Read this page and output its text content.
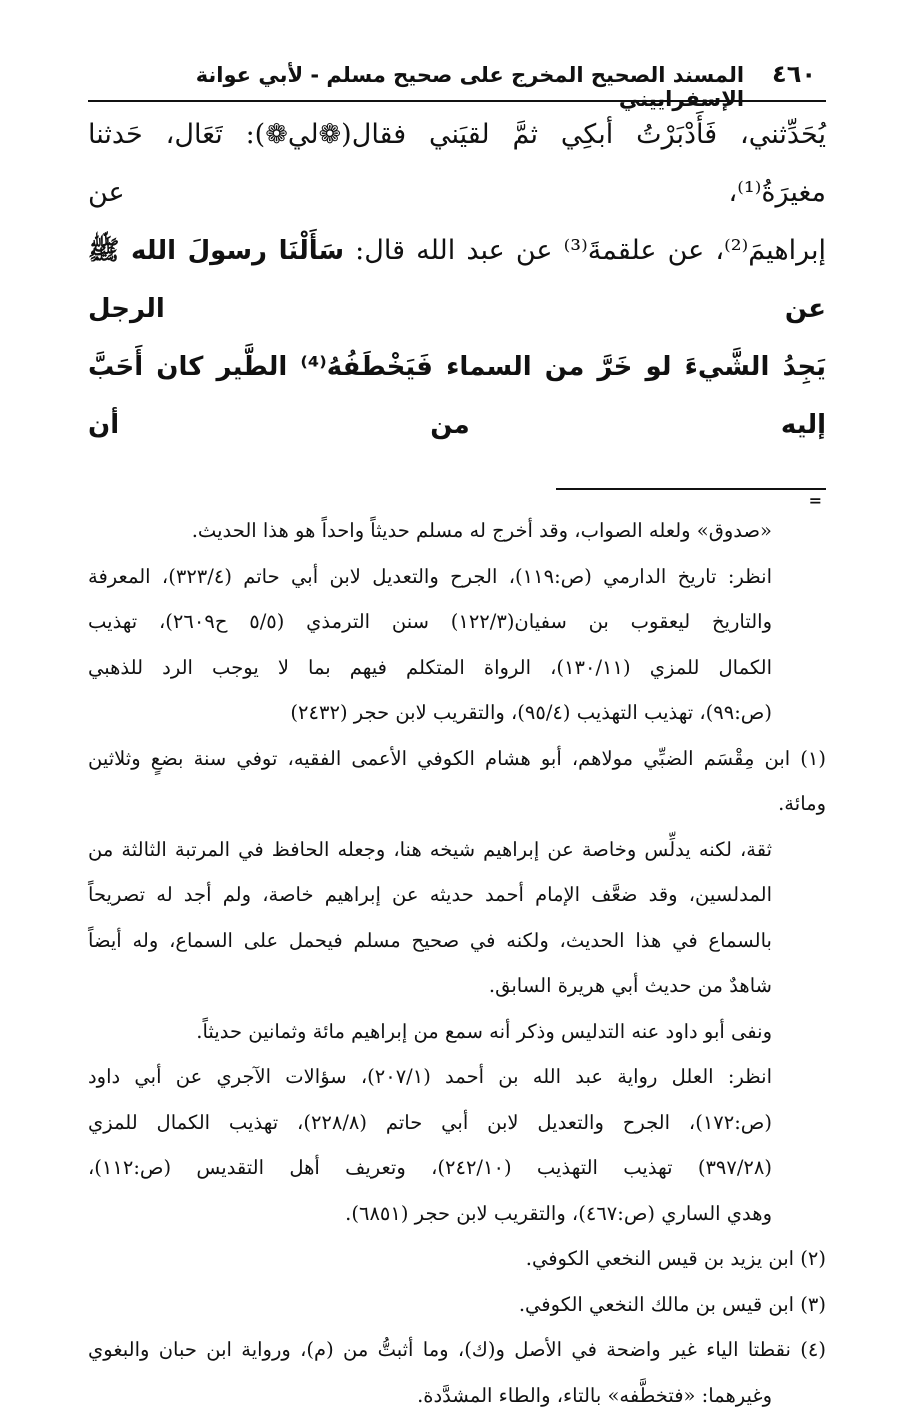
٤٦٠
المسند الصحيح المخرج على صحيح مسلم - لأبي عوانة الإسفراييني

يُحَدِّثني، فَأَدْبَرْتُ أبكِي ثمَّ لقيَني فقال(❁لي❁): تَعَال، حَدثنا مغيرَةُ⁽¹⁾، عن

إبراهيمَ⁽²⁾، عن علقمةَ⁽³⁾ عن عبد الله قال: سَأَلْنَا رسولَ الله ﷺ عن الرجل

يَجِدُ الشَّيءَ لو خَرَّ من السماء فَيَخْطَفُهُ⁽⁴⁾ الطَّير كان أَحَبَّ إليه من أن

=

«صدوق» ولعله الصواب، وقد أخرج له مسلم حديثاً واحداً هو هذا الحديث.

انظر: تاريخ الدارمي (ص:١١٩)، الجرح والتعديل لابن أبي حاتم (٣٢٣/٤)، المعرفة

والتاريخ ليعقوب بن سفيان(١٢٢/٣) سنن الترمذي (٥/٥ ح٢٦٠٩)، تهذيب

الكمال للمزي (١٣٠/١١)، الرواة المتكلم فيهم بما لا يوجب الرد للذهبي

(ص:٩٩)، تهذيب التهذيب (٩٥/٤)، والتقريب لابن حجر (٢٤٣٢)

(١) ابن مِقْسَم الضبِّي مولاهم، أبو هشام الكوفي الأعمى الفقيه، توفي سنة بضعٍ وثلاثين ومائة.

ثقة، لكنه يدلِّس وخاصة عن إبراهيم شيخه هنا، وجعله الحافظ في المرتبة الثالثة من

المدلسين، وقد ضعَّف الإمام أحمد حديثه عن إبراهيم خاصة، ولم أجد له تصريحاً

بالسماع في هذا الحديث، ولكنه في صحيح مسلم فيحمل على السماع، وله أيضاً

شاهدٌ من حديث أبي هريرة السابق.

ونفى أبو داود عنه التدليس وذكر أنه سمع من إبراهيم مائة وثمانين حديثاً.

انظر: العلل رواية عبد الله بن أحمد (٢٠٧/١)، سؤالات الآجري عن أبي داود

(ص:١٧٢)، الجرح والتعديل لابن أبي حاتم (٢٢٨/٨)، تهذيب الكمال للمزي

(٣٩٧/٢٨) تهذيب التهذيب (٢٤٢/١٠)، وتعريف أهل التقديس (ص:١١٢)،

وهدي الساري (ص:٤٦٧)، والتقريب لابن حجر (٦٨٥١).

(٢) ابن يزيد بن قيس النخعي الكوفي.

(٣) ابن قيس بن مالك النخعي الكوفي.

(٤) نقطتا الياء غير واضحة في الأصل و(ك)، وما أثبتُّ من (م)، ورواية ابن حبان والبغوي

وغيرهما: «فتخطَّفه» بالتاء، والطاء المشدَّدة.
